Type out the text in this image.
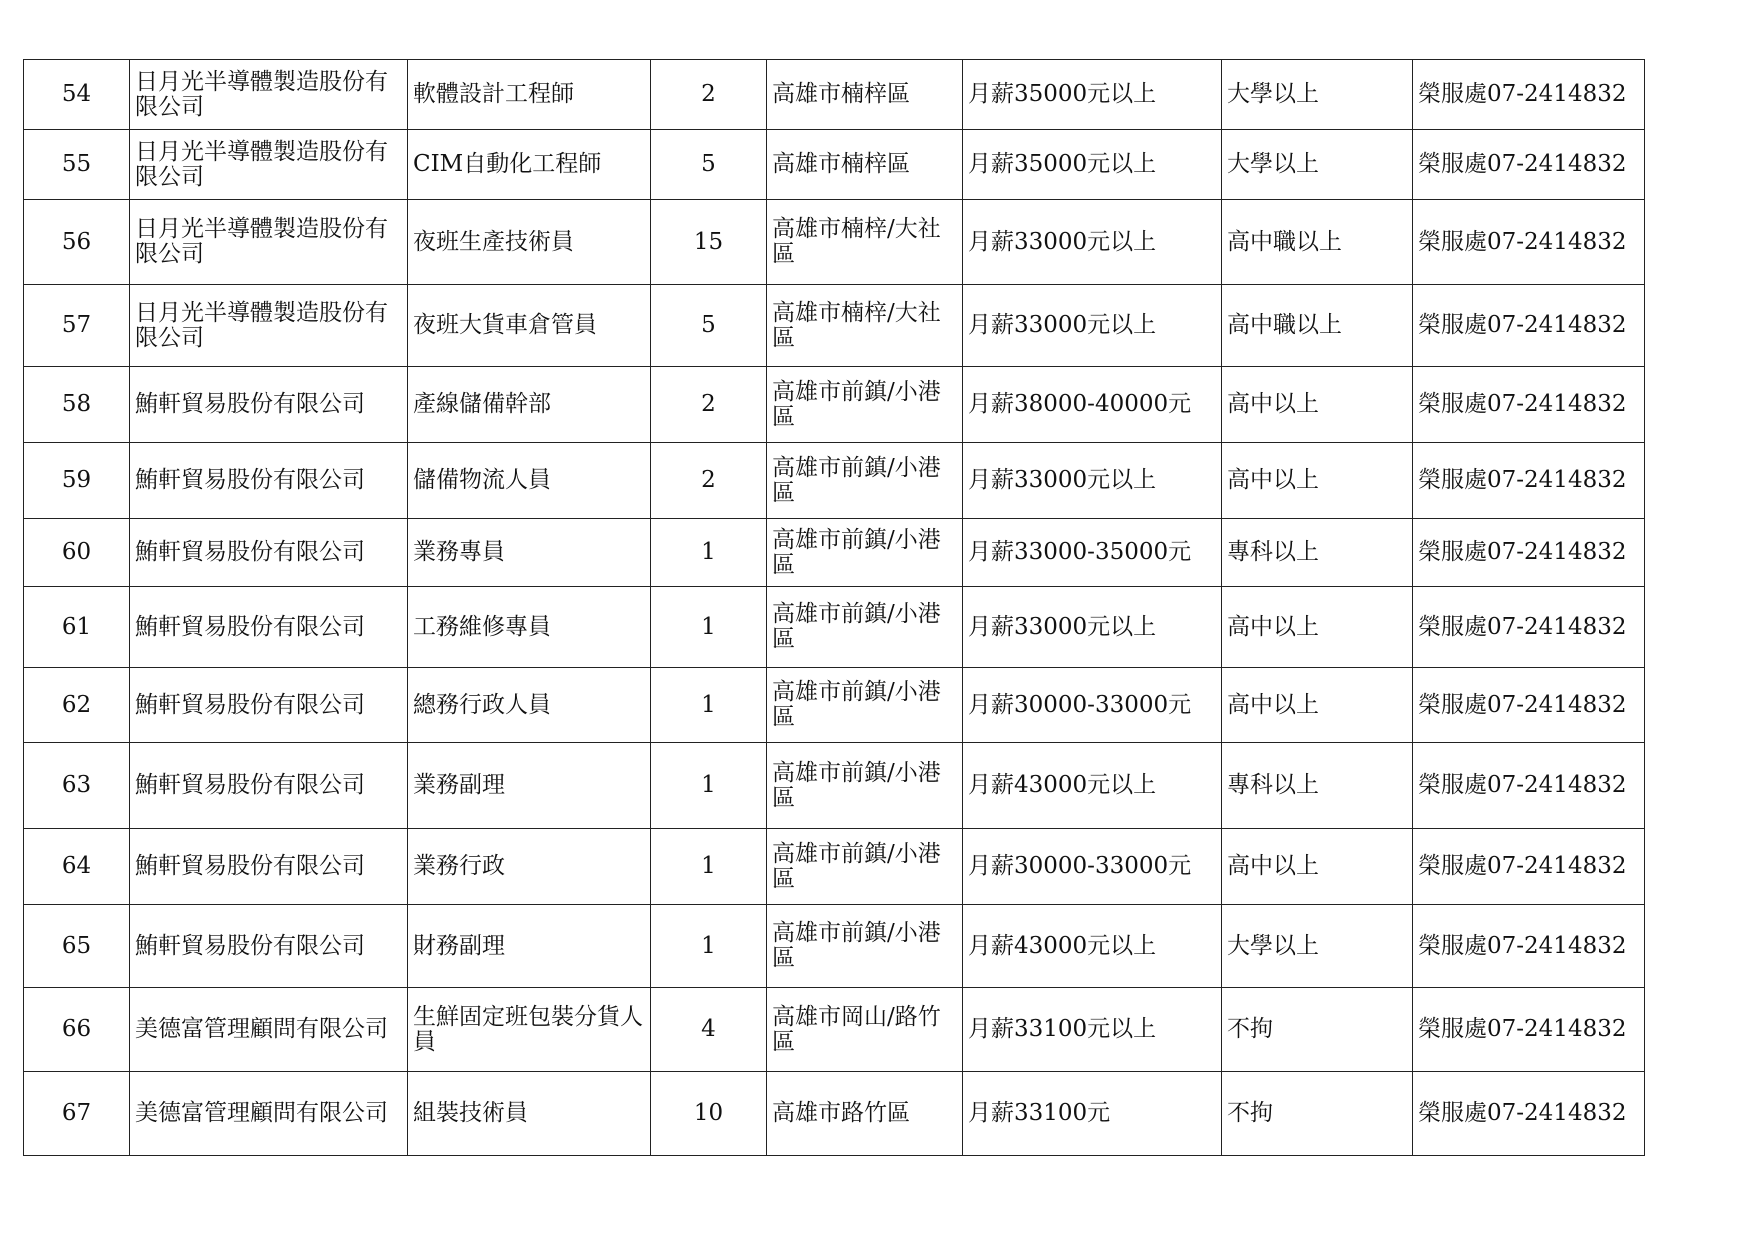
54	日月光半導體製造股份有限公司	軟體設計工程師	2	高雄市楠梓區	月薪35000元以上	大學以上	榮服處07-2414832
55	日月光半導體製造股份有限公司	CIM自動化工程師	5	高雄市楠梓區	月薪35000元以上	大學以上	榮服處07-2414832
56	日月光半導體製造股份有限公司	夜班生產技術員	15	高雄市楠梓/大社區	月薪33000元以上	高中職以上	榮服處07-2414832
57	日月光半導體製造股份有限公司	夜班大貨車倉管員	5	高雄市楠梓/大社區	月薪33000元以上	高中職以上	榮服處07-2414832
58	鮪軒貿易股份有限公司	產線儲備幹部	2	高雄市前鎮/小港區	月薪38000-40000元	高中以上	榮服處07-2414832
59	鮪軒貿易股份有限公司	儲備物流人員	2	高雄市前鎮/小港區	月薪33000元以上	高中以上	榮服處07-2414832
60	鮪軒貿易股份有限公司	業務專員	1	高雄市前鎮/小港區	月薪33000-35000元	專科以上	榮服處07-2414832
61	鮪軒貿易股份有限公司	工務維修專員	1	高雄市前鎮/小港區	月薪33000元以上	高中以上	榮服處07-2414832
62	鮪軒貿易股份有限公司	總務行政人員	1	高雄市前鎮/小港區	月薪30000-33000元	高中以上	榮服處07-2414832
63	鮪軒貿易股份有限公司	業務副理	1	高雄市前鎮/小港區	月薪43000元以上	專科以上	榮服處07-2414832
64	鮪軒貿易股份有限公司	業務行政	1	高雄市前鎮/小港區	月薪30000-33000元	高中以上	榮服處07-2414832
65	鮪軒貿易股份有限公司	財務副理	1	高雄市前鎮/小港區	月薪43000元以上	大學以上	榮服處07-2414832
66	美德富管理顧問有限公司	生鮮固定班包裝分貨人員	4	高雄市岡山/路竹區	月薪33100元以上	不拘	榮服處07-2414832
67	美德富管理顧問有限公司	組裝技術員	10	高雄市路竹區	月薪33100元	不拘	榮服處07-2414832
